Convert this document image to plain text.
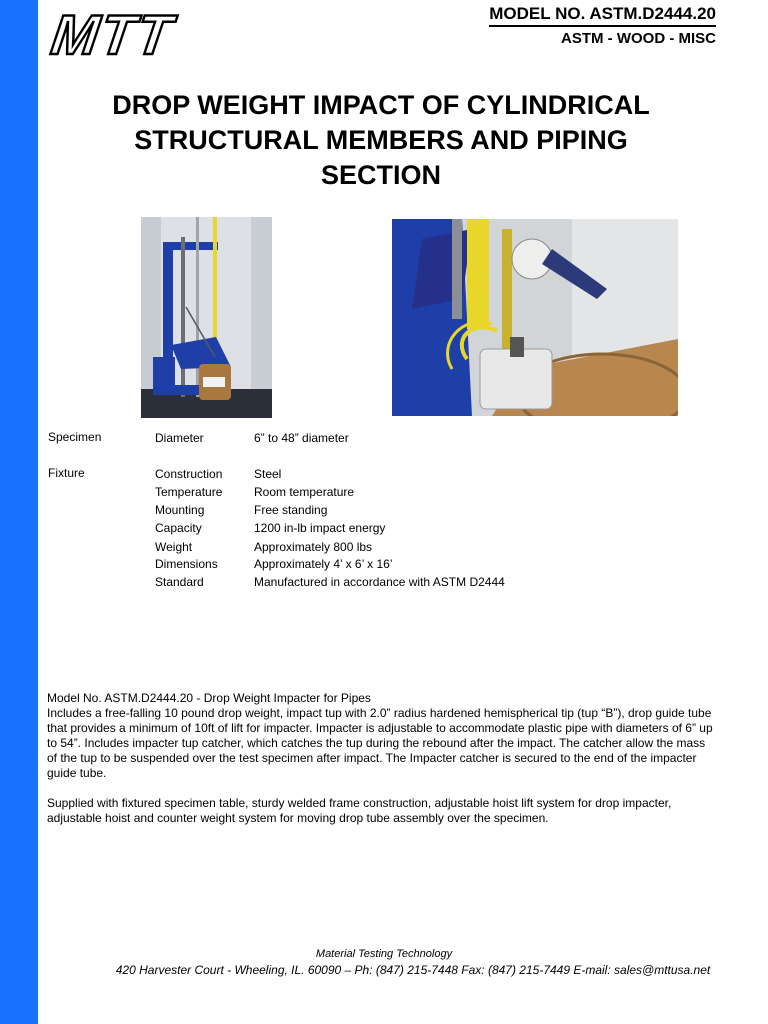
MTT	MODEL NO. ASTM.D2444.20
ASTM - WOOD - MISC
DROP WEIGHT IMPACT OF CYLINDRICAL
STRUCTURAL MEMBERS AND PIPING
SECTION
Specimen	Diameter	6” to 48” diameter
Fixture	Construction	Steel
Temperature	Room temperature
Mounting	Free standing
Capacity	1200 in-lb impact energy
Weight	Approximately 800 lbs
Dimensions	Approximately 4’ x 6’ x 16’
Standard	Manufactured in accordance with ASTM D2444

Model No. ASTM.D2444.20 - Drop Weight Impacter for Pipes

Includes a free-falling 10 pound drop weight, impact tup with 2.0” radius hardened hemispherical tip (tup “B”), drop guide tube that provides a minimum of 10ft of lift for impacter. Impacter is adjustable to accommodate plastic pipe with diameters of 6” up to 54”. Includes impacter tup catcher, which catches the tup during the rebound after the impact. The catcher allow the mass of the tup to be suspended over the test specimen after impact. The Impacter catcher is secured to the end of the impacter guide tube.

Supplied with fixtured specimen table, sturdy welded frame construction, adjustable hoist lift system for drop impacter, adjustable hoist and counter weight system for moving drop tube assembly over the specimen.

Material Testing Technology
420 Harvester Court - Wheeling, IL. 60090 – Ph: (847) 215-7448 Fax: (847) 215-7449 E-mail: sales@mttusa.net
